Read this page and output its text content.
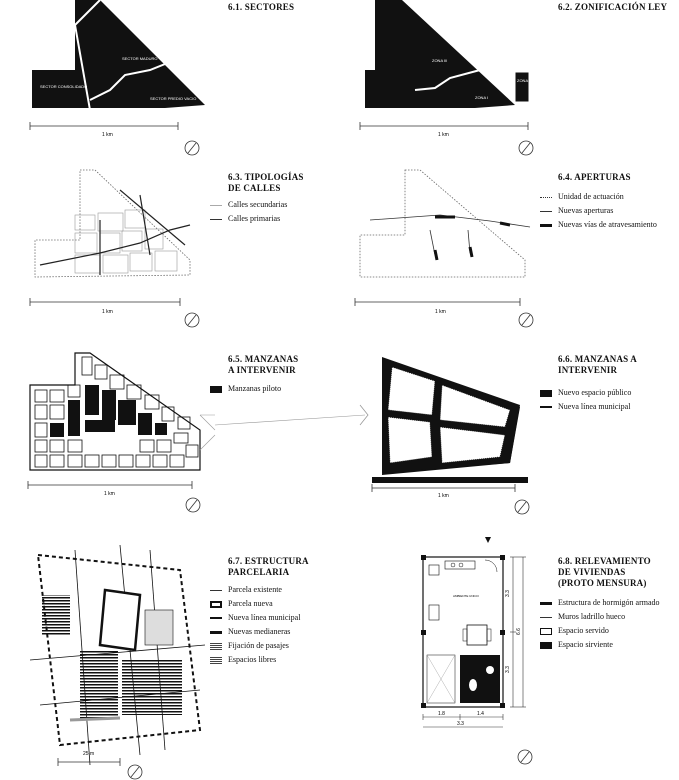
SECTOR CONSOLIDADO
SECTOR MADURO
SECTOR PREDIO VACIO
1 km
6.1. SECTORES
ZONA III
ZONA I
ZONA II
1 km
6.2. ZONIFICACIÓN LEY
1 km
6.3. TIPOLOGÍAS
DE CALLES
Calles secundarias
Calles primarias
1 km
6.4. APERTURAS
Unidad de actuación
Nuevas aperturas
Nuevas vías de atravesamiento
1 km
6.5. MANZANAS
A INTERVENIR
Manzanas piloto
1 km
6.6. MANZANAS A
INTERVENIR
Nuevo espacio público
Nueva línea municipal
25 m
6.7. ESTRUCTURA
PARCELARIA
Parcela existente
Parcela nueva
Nueva línea municipal
Nuevas medianeras
Fijación de pasajes
Espacios libres
AMBIENTE UNICO
1.8	1.4
3.3
3.3
6.6
3.3
6.8. RELEVAMIENTO
DE VIVIENDAS
(PROTO MENSURA)
Estructura de hormigón armado
Muros ladrillo hueco
Espacio servido
Espacio sirviente
